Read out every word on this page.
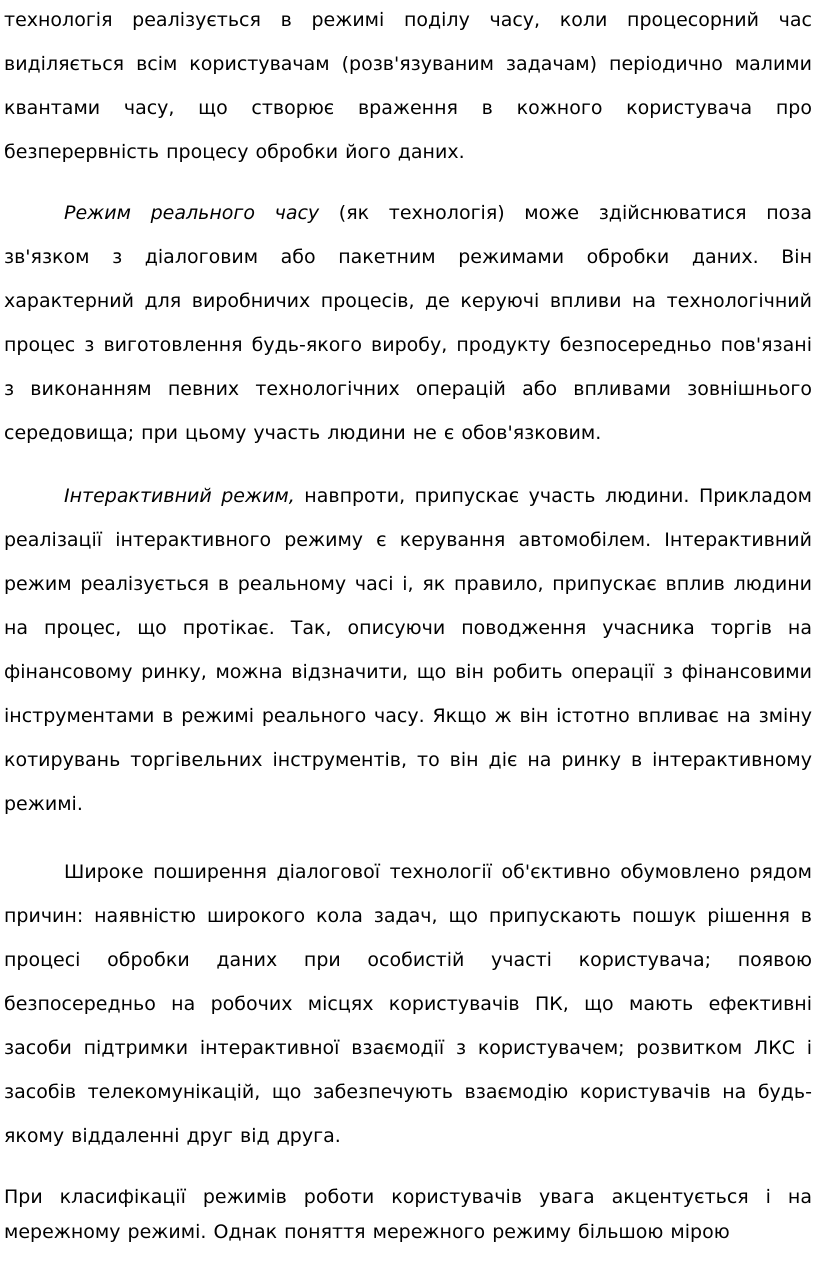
технологія реалізується в режимі поділу часу, коли процесорний час виділяється всім користувачам (розв'язуваним задачам) періодично малими квантами часу, що створює враження в кожного користувача про безперервність процесу обробки його даних.

Режим реального часу (як технологія) може здійснюватися поза зв'язком з діалоговим або пакетним режимами обробки даних. Він характерний для виробничих процесів, де керуючі впливи на технологічний процес з виготовлення будь-якого виробу, продукту безпосередньо пов'язані з виконанням певних технологічних операцій або впливами зовнішнього середовища; при цьому участь людини не є обов'язковим.

Інтерактивний режим, навпроти, припускає участь людини. Прикладом реалізації інтерактивного режиму є керування автомобілем. Інтерактивний режим реалізується в реальному часі і, як правило, припускає вплив людини на процес, що протікає. Так, описуючи поводження учасника торгів на фінансовому ринку, можна відзначити, що він робить операції з фінансовими інструментами в режимі реального часу. Якщо ж він істотно впливає на зміну котирувань торгівельних інструментів, то він діє на ринку в інтерактивному режимі.

Широке поширення діалогової технології об'єктивно обумовлено рядом причин: наявністю широкого кола задач, що припускають пошук рішення в процесі обробки даних при особистій участі користувача; появою безпосередньо на робочих місцях користувачів ПК, що мають ефективні засоби підтримки інтерактивної взаємодії з користувачем; розвитком ЛКС і засобів телекомунікацій, що забезпечують взаємодію користувачів на будь-якому віддаленні друг від друга.

При класифікації режимів роботи користувачів увага акцентується і на мережному режимі. Однак поняття мережного режиму більшою мірою
